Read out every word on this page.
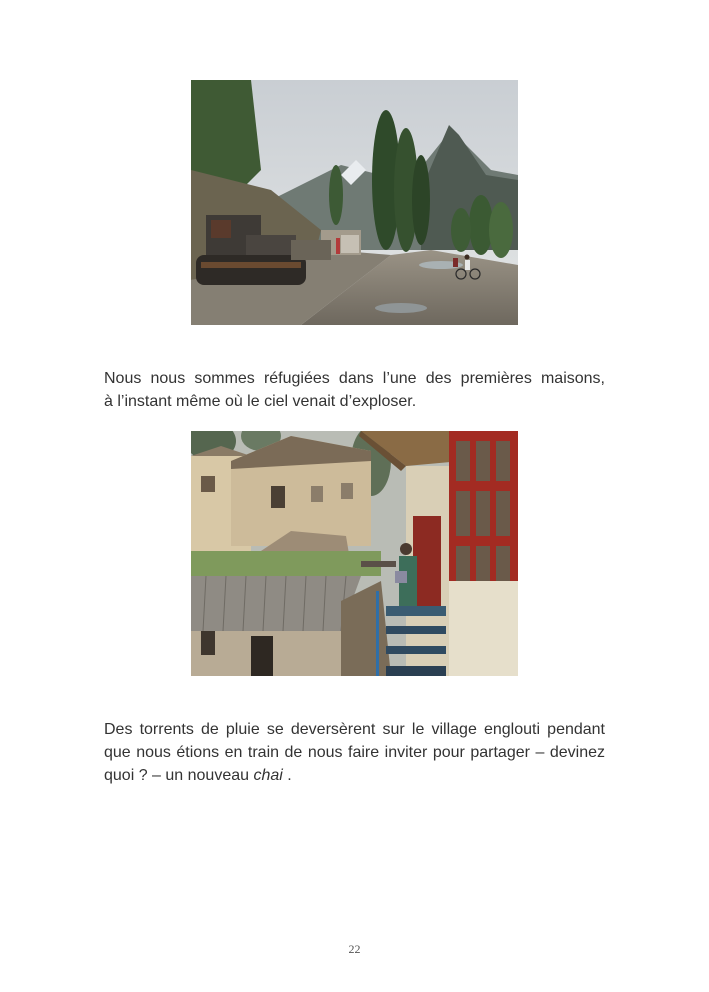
Nous nous sommes réfugiées dans l’une des premières maisons,
à l’instant même où le ciel venait d’exploser.

Des torrents de pluie se deversèrent sur le village englouti pendant
que nous étions en train de nous faire inviter pour partager – devinez
quoi ? – un nouveau chai .

22
